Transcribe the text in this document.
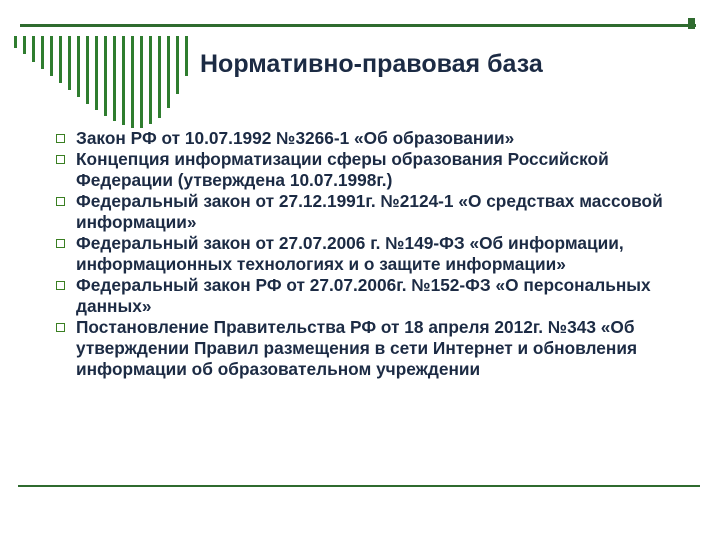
Нормативно-правовая база
Закон РФ от 10.07.1992 №3266-1 «Об образовании»
Концепция информатизации сферы образования Российской Федерации (утверждена 10.07.1998г.)
Федеральный закон от 27.12.1991г. №2124-1 «О средствах массовой информации»
Федеральный закон от 27.07.2006 г. №149-ФЗ «Об информации, информационных технологиях и о защите информации»
Федеральный закон РФ от 27.07.2006г. №152-ФЗ «О персональных данных»
Постановление Правительства РФ от 18 апреля 2012г. №343 «Об утверждении Правил размещения в сети Интернет и обновления информации об образовательном учреждении
